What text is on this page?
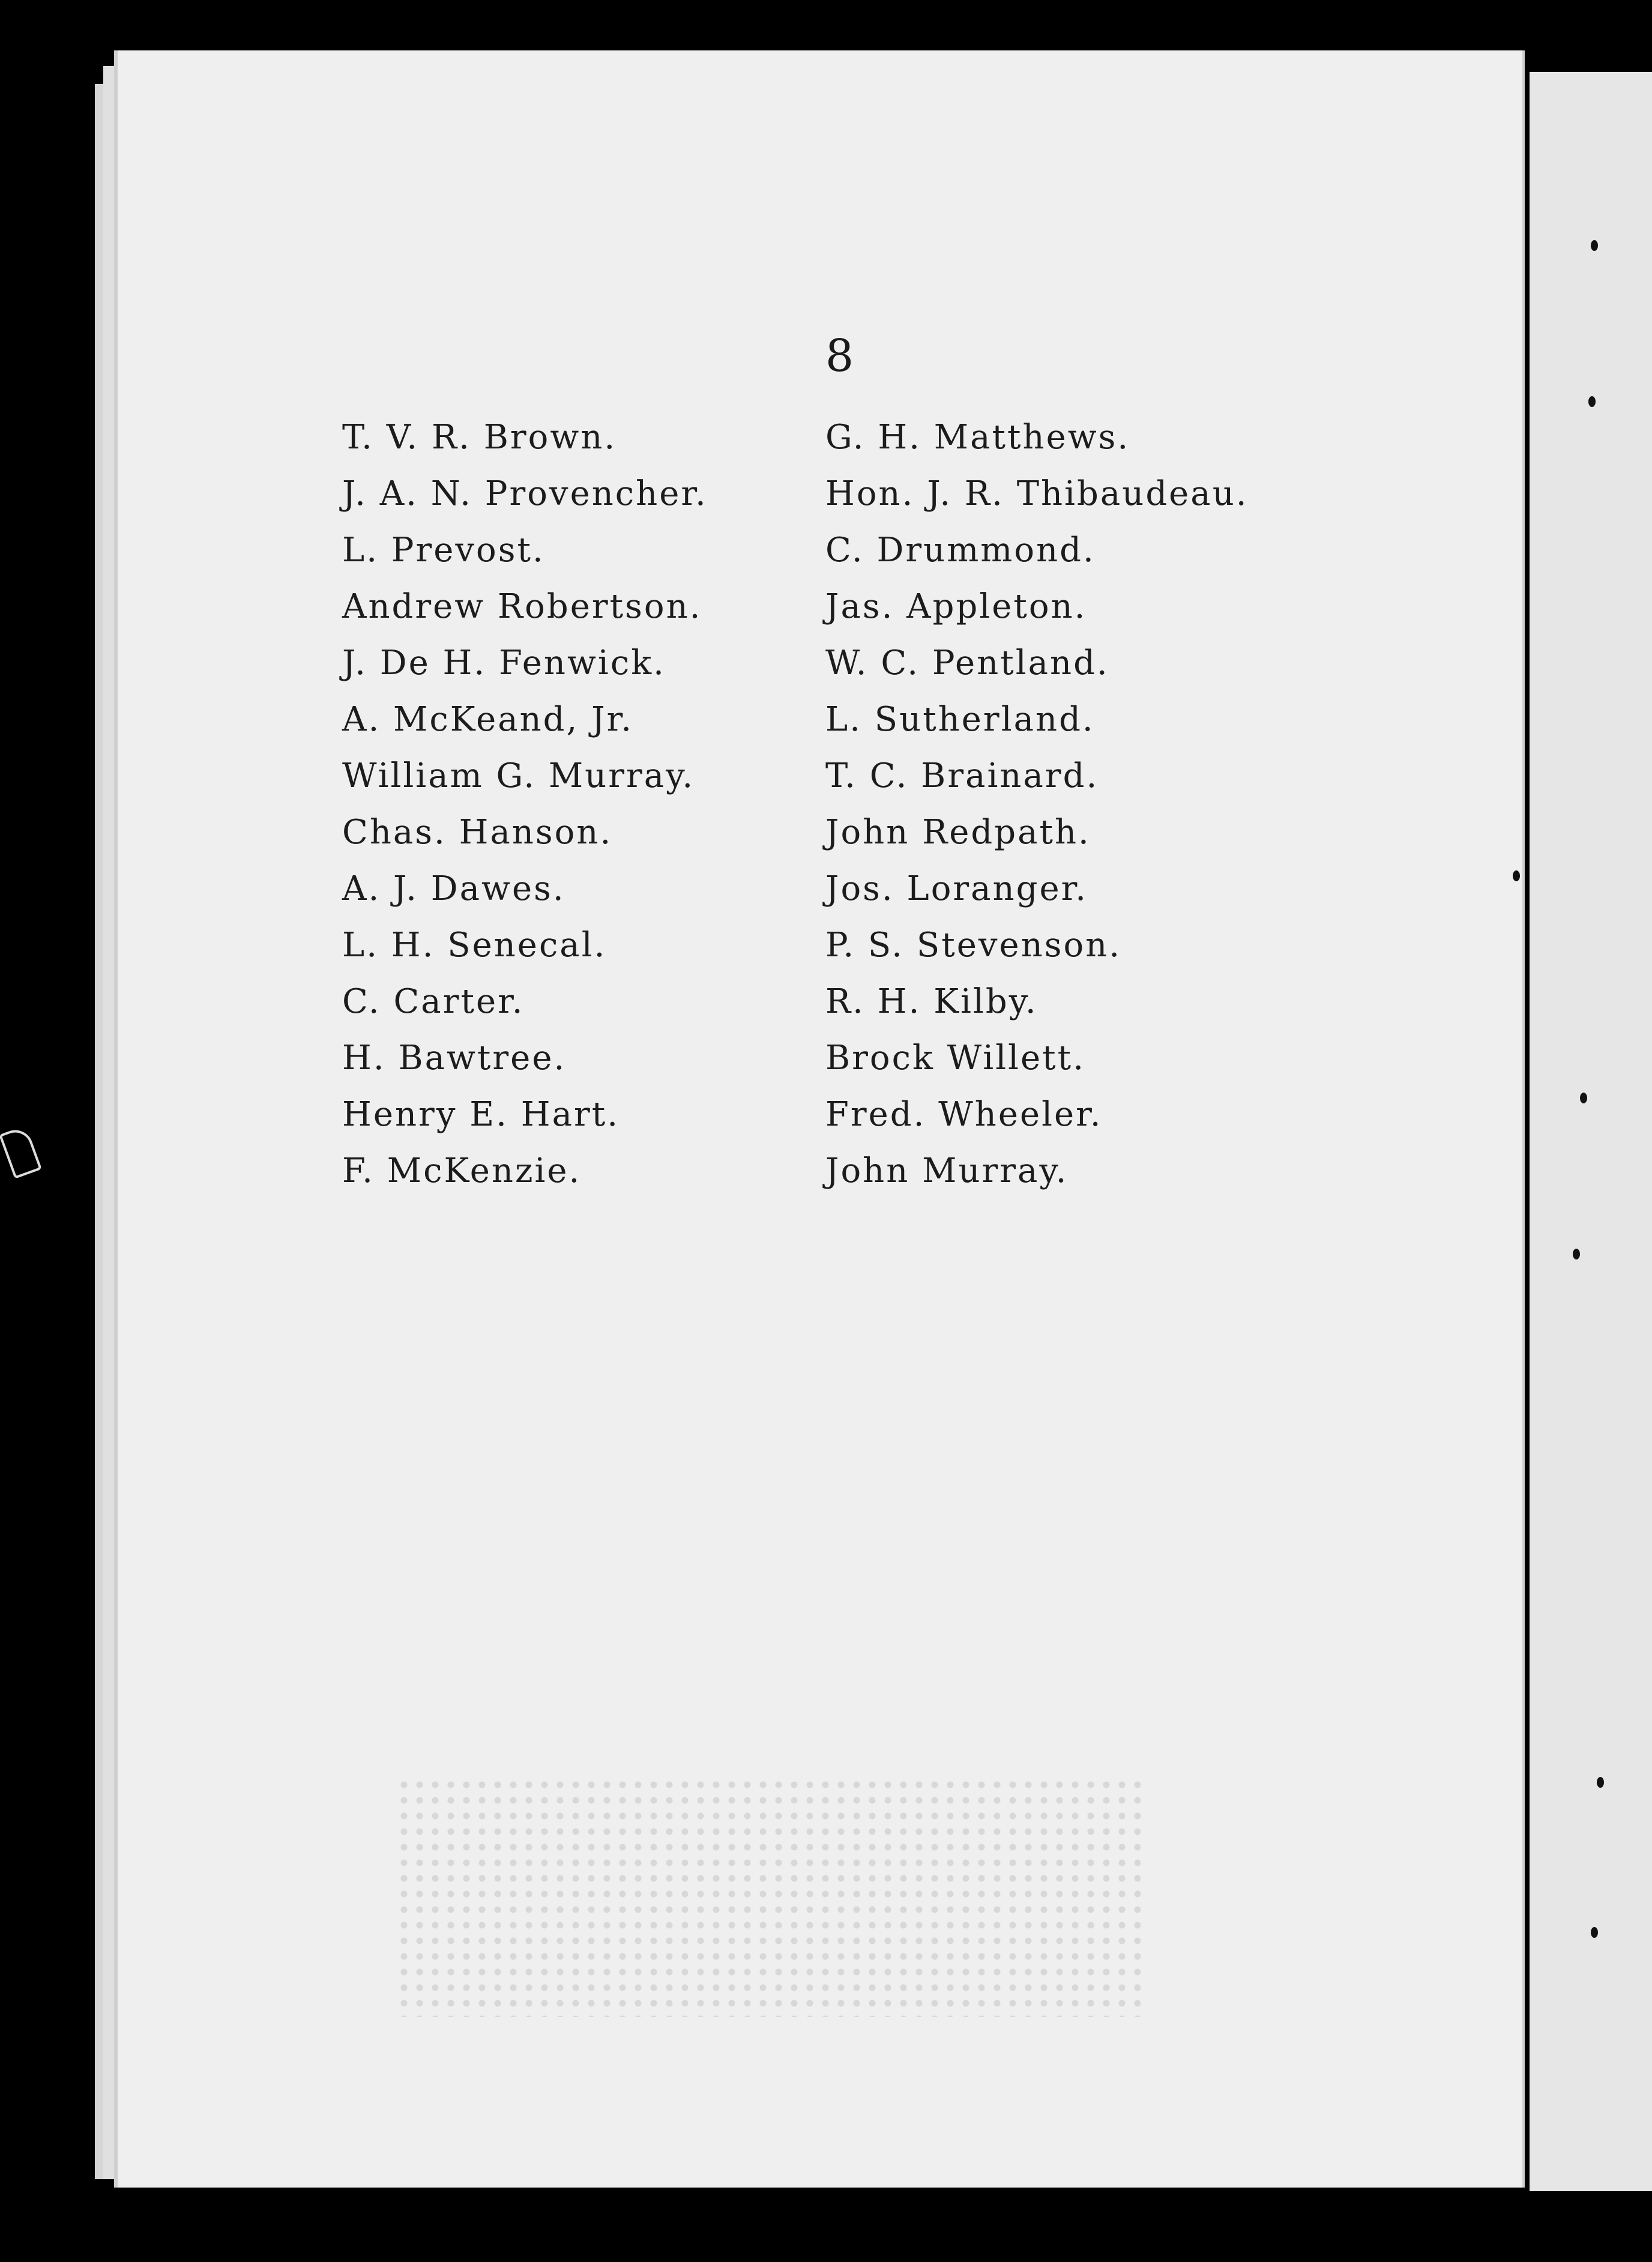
8
T. V. R. Brown.
J. A. N. Provencher.
L. Prevost.
Andrew Robertson.
J. De H. Fenwick.
A. McKeand, Jr.
William G. Murray.
Chas. Hanson.
A. J. Dawes.
L. H. Senecal.
C. Carter.
H. Bawtree.
Henry E. Hart.
F. McKenzie.
G. H. Matthews.
Hon. J. R. Thibaudeau.
C. Drummond.
Jas. Appleton.
W. C. Pentland.
L. Sutherland.
T. C. Brainard.
John Redpath.
Jos. Loranger.
P. S. Stevenson.
R. H. Kilby.
Brock Willett.
Fred. Wheeler.
John Murray.
